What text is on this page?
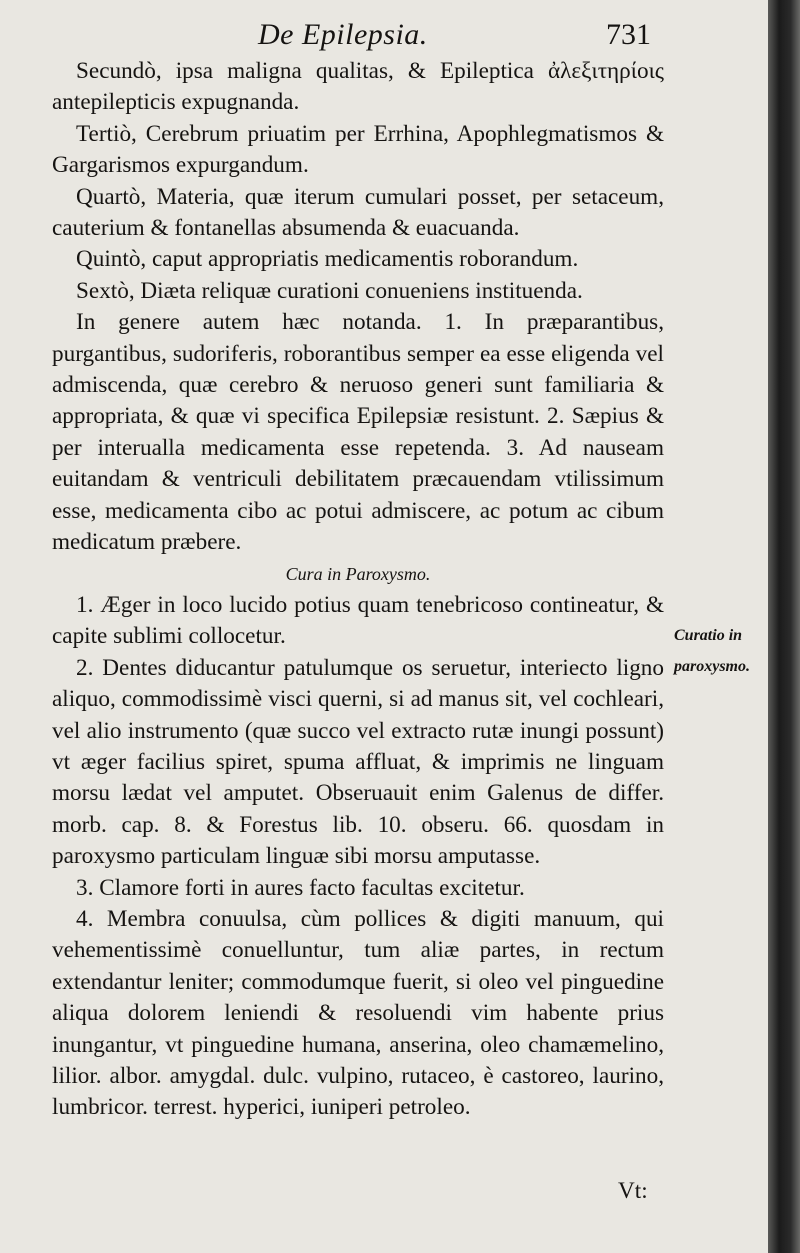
De Epilepsia.	731

Secundò, ipsa maligna qualitas, & Epileptica ἀλεξιτηρίοις antepilepticis expugnanda.

Tertiò, Cerebrum priuatim per Errhina, Apophlegmatismos & Gargarismos expurgandum.

Quartò, Materia, quæ iterum cumulari posset, per setaceum, cauterium & fontanellas absumenda & euacuanda.

Quintò, caput appropriatis medicamentis roborandum.

Sextò, Diæta reliquæ curationi conueniens instituenda.

In genere autem hæc notanda. 1. In præparantibus, purgantibus, sudoriferis, roborantibus semper ea esse eligenda vel admiscenda, quæ cerebro & neruoso generi sunt familiaria & appropriata, & quæ vi specifica Epilepsiæ resistunt. 2. Sæpius & per interualla medicamenta esse repetenda. 3. Ad nauseam euitandam & ventriculi debilitatem præcauendam vtilissimum esse, medicamenta cibo ac potui admiscere, ac potum ac cibum medicatum præbere.

Cura in Paroxysmo.

1. Æger in loco lucido potius quam tenebricoso contineatur, & capite sublimi collocetur.

2. Dentes diducantur patulumque os seruetur, interiecto ligno aliquo, commodissimè visci querni, si ad manus sit, vel cochleari, vel alio instrumento (quæ succo vel extracto rutæ inungi possunt) vt æger facilius spiret, spuma affluat, & imprimis ne linguam morsu lædat vel amputet. Obseruauit enim Galenus de differ. morb. cap. 8. & Forestus lib. 10. obseru. 66. quosdam in paroxysmo particulam linguæ sibi morsu amputasse.

3. Clamore forti in aures facto facultas excitetur.

4. Membra conuulsa, cùm pollices & digiti manuum, qui vehementissimè conuelluntur, tum aliæ partes, in rectum extendantur leniter; commodumque fuerit, si oleo vel pinguedine aliqua dolorem leniendi & resoluendi vim habente prius inungantur, vt pinguedine humana, anserina, oleo chamæmelino, lilior. albor. amygdal. dulc. vulpino, rutaceo, è castoreo, laurino, lumbricor. terrest. hyperici, iuniperi petroleo.

Curatio in paroxysmo.
Vt:
